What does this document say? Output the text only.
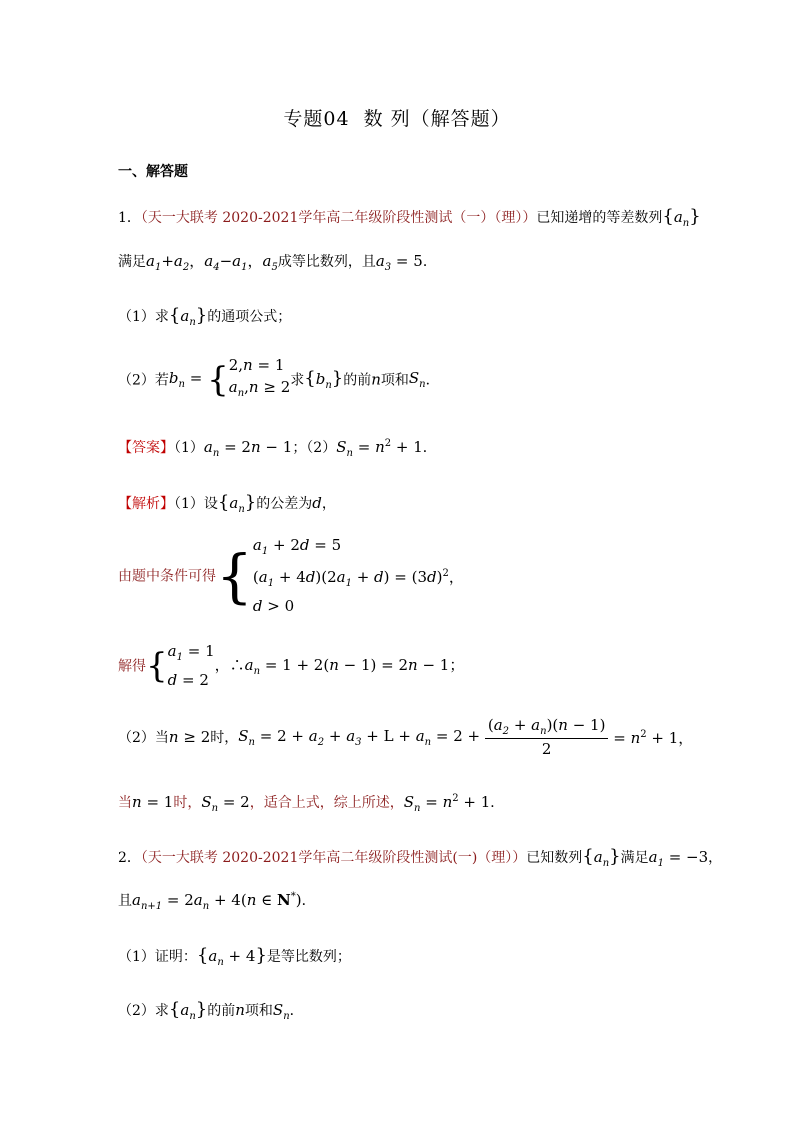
专题04 数 列（解答题）
一、解答题
1．（天一大联考 2020-2021学年高二年级阶段性测试（一）（理））已知递增的等差数列$\{a_n\}$
满足$a_1+a_2$，$a_4-a_1$，$a_5$成等比数列，且$a_3 = 5$．
（1）求$\{a_n\}$的通项公式；
（2）若$b_n = \{2,n = 1$
$a_n,n \ge 2$求$\{b_n\}$的前n项和$S_n$．
【答案】$(1)a_n = 2n - 1$；$(2)S_n = n^2 + 1$．
【解析】（1）设$\{a_n\}$的公差为d，
由题中条件可得{$a_1 + 2d = 5$
$(a_1 + 4d)(2a_1 + d) = (3d)^2$，
d > 0
解得{$a_1 = 1$
d = 2，$\therefore a_n = 1 + 2(n - 1) = 2n - 1$；
（2）当n ≥ 2时，$S_n = 2 + a_2 + a_3 + L + a_n = 2 + \frac{(a_2 + a_n)(n - 1)}{2} = n^2 + 1$，
当n = 1时，$S_n = 2$，适合上式，综上所述，$S_n = n^2 + 1$．
2．（天一大联考 2020-2021学年高二年级阶段性测试(一)（理））已知数列$\{a_n\}$满足$a_1 = -3$，
且$a_{n+1} = 2a_n + 4(n$ ∈ N*)．
（1）证明：$\{a_n + 4\}$是等比数列；
（2）求$\{a_n\}$的前n项和$S_n$．
